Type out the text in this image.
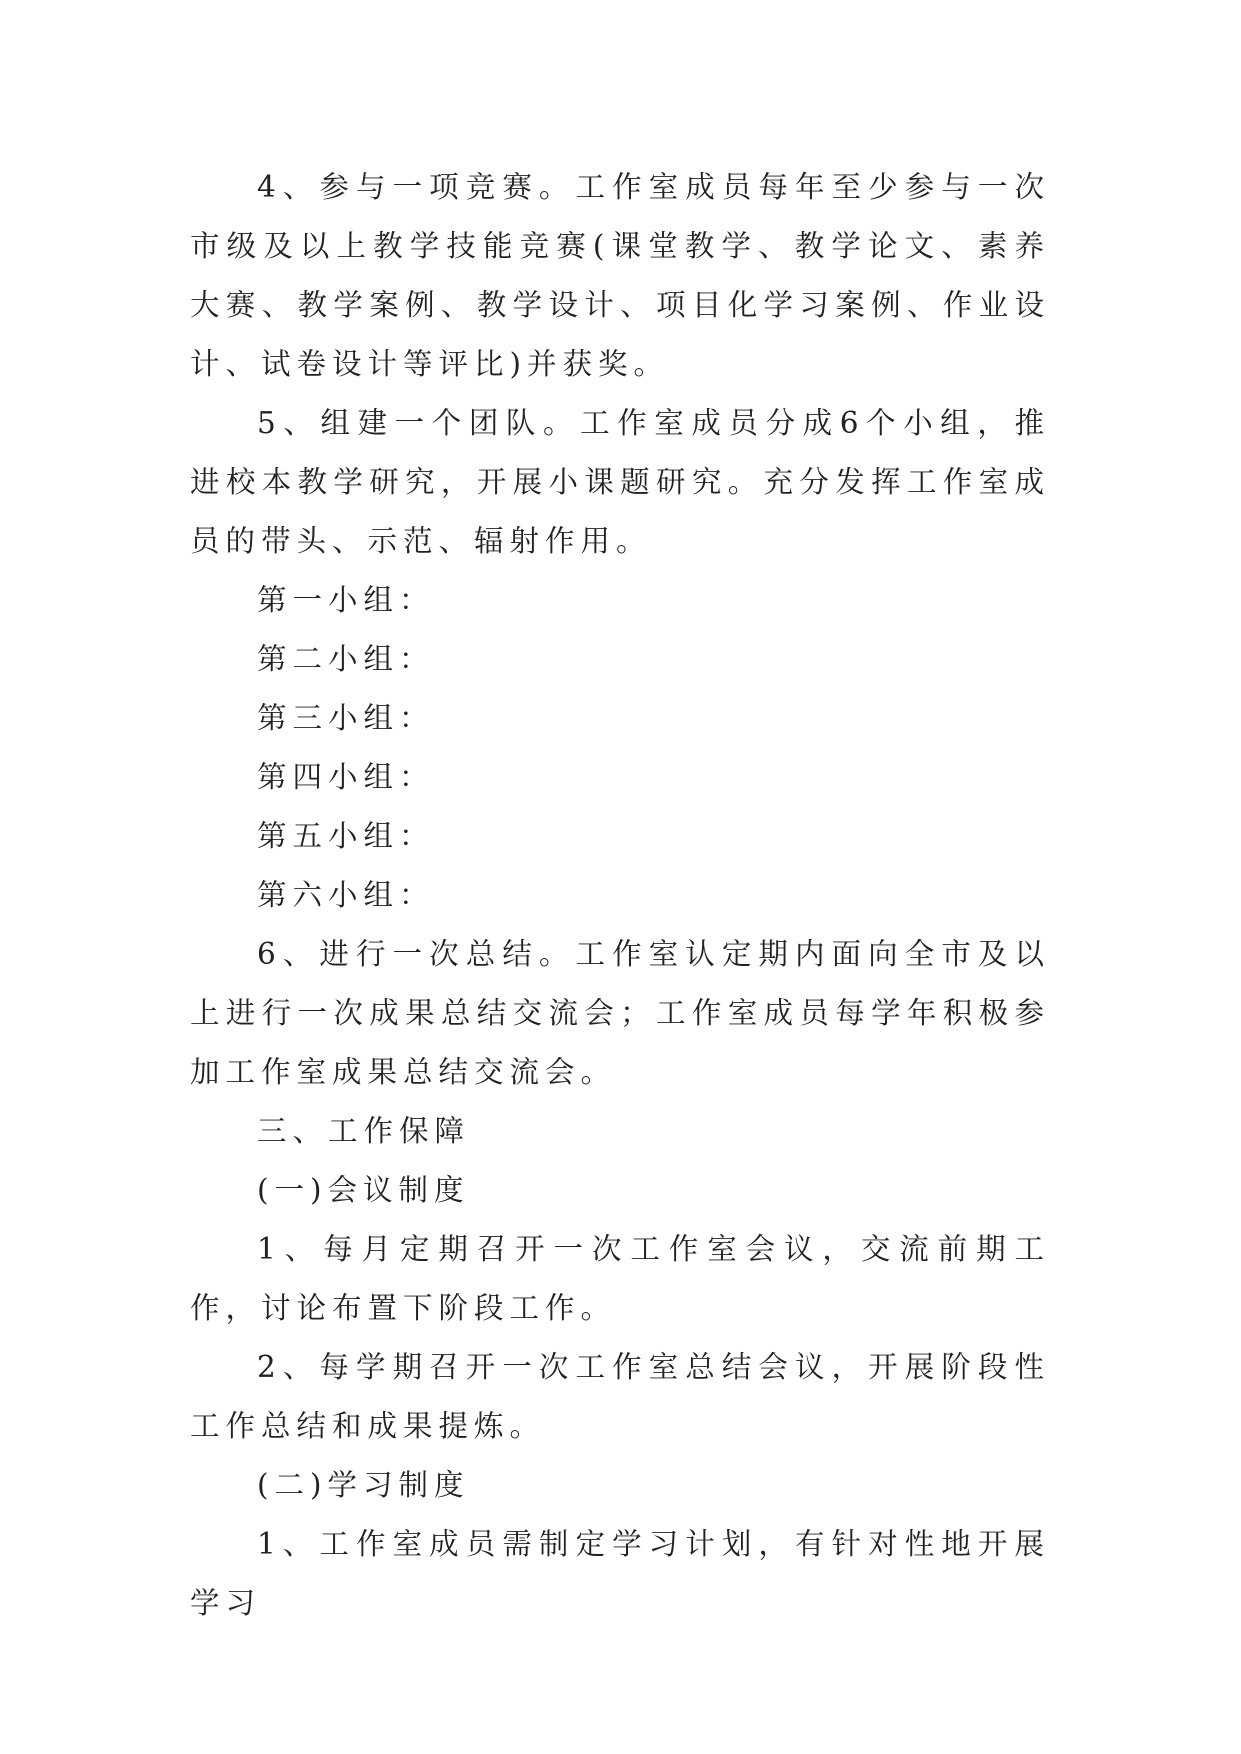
4、参与一项竞赛。工作室成员每年至少参与一次市级及以上教学技能竞赛(课堂教学、教学论文、素养大赛、教学案例、教学设计、项目化学习案例、作业设计、试卷设计等评比)并获奖。

5、组建一个团队。工作室成员分成6个小组，推进校本教学研究，开展小课题研究。充分发挥工作室成员的带头、示范、辐射作用。

第一小组：

第二小组：

第三小组：

第四小组：

第五小组：

第六小组：

6、进行一次总结。工作室认定期内面向全市及以上进行一次成果总结交流会；工作室成员每学年积极参加工作室成果总结交流会。

三、工作保障

(一)会议制度

1、每月定期召开一次工作室会议，交流前期工作，讨论布置下阶段工作。

2、每学期召开一次工作室总结会议，开展阶段性工作总结和成果提炼。

(二)学习制度

1、工作室成员需制定学习计划，有针对性地开展学习
